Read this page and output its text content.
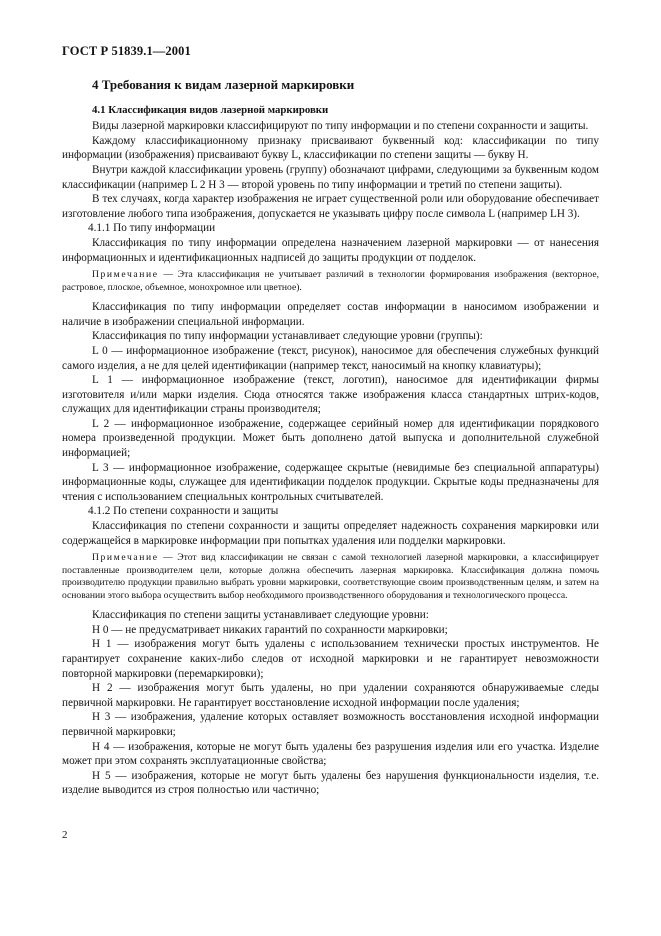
ГОСТ Р 51839.1—2001
4 Требования к видам лазерной маркировки
4.1 Классификация видов лазерной маркировки

Виды лазерной маркировки классифицируют по типу информации и по степени сохранности и защиты.

Каждому классификационному признаку присваивают буквенный код: классификации по типу информации (изображения) присваивают букву L, классификации по степени защиты — букву Н.

Внутри каждой классификации уровень (группу) обозначают цифрами, следующими за буквенным кодом классификации (например L 2 Н 3 — второй уровень по типу информации и третий по степени защиты).

В тех случаях, когда характер изображения не играет существенной роли или оборудование обеспечивает изготовление любого типа изображения, допускается не указывать цифру после символа L (например LH 3).

4.1.1 По типу информации

Классификация по типу информации определена назначением лазерной маркировки — от нанесения информационных и идентификационных надписей до защиты продукции от подделок.

Примечание — Эта классификация не учитывает различий в технологии формирования изображения (векторное, растровое, плоское, объемное, монохромное или цветное).

Классификация по типу информации определяет состав информации в наносимом изображении и наличие в изображении специальной информации.

Классификация по типу информации устанавливает следующие уровни (группы):

L 0 — информационное изображение (текст, рисунок), наносимое для обеспечения служебных функций самого изделия, а не для целей идентификации (например текст, наносимый на кнопку клавиатуры);

L 1 — информационное изображение (текст, логотип), наносимое для идентификации фирмы изготовителя и/или марки изделия. Сюда относятся также изображения класса стандартных штрих-кодов, служащих для идентификации страны производителя;

L 2 — информационное изображение, содержащее серийный номер для идентификации порядкового номера произведенной продукции. Может быть дополнено датой выпуска и дополнительной служебной информацией;

L 3 — информационное изображение, содержащее скрытые (невидимые без специальной аппаратуры) информационные коды, служащее для идентификации подделок продукции. Скрытые коды предназначены для чтения с использованием специальных контрольных считывателей.

4.1.2 По степени сохранности и защиты

Классификация по степени сохранности и защиты определяет надежность сохранения маркировки или содержащейся в маркировке информации при попытках удаления или подделки маркировки.

Примечание — Этот вид классификации не связан с самой технологией лазерной маркировки, а классифицирует поставленные производителем цели, которые должна обеспечить лазерная маркировка. Классификация должна помочь производителю продукции правильно выбрать уровни маркировки, соответствующие своим производственным целям, и затем на основании этого выбора осуществить выбор необходимого производственного оборудования и технологического процесса.

Классификация по степени защиты устанавливает следующие уровни:

Н 0 — не предусматривает никаких гарантий по сохранности маркировки;

Н 1 — изображения могут быть удалены с использованием технически простых инструментов. Не гарантирует сохранение каких-либо следов от исходной маркировки и не гарантирует невозможности повторной маркировки (перемаркировки);

Н 2 — изображения могут быть удалены, но при удалении сохраняются обнаруживаемые следы первичной маркировки. Не гарантирует восстановление исходной информации после удаления;

Н 3 — изображения, удаление которых оставляет возможность восстановления исходной информации первичной маркировки;

Н 4 — изображения, которые не могут быть удалены без разрушения изделия или его участка. Изделие может при этом сохранять эксплуатационные свойства;

Н 5 — изображения, которые не могут быть удалены без нарушения функциональности изделия, т.е. изделие выводится из строя полностью или частично;

2
